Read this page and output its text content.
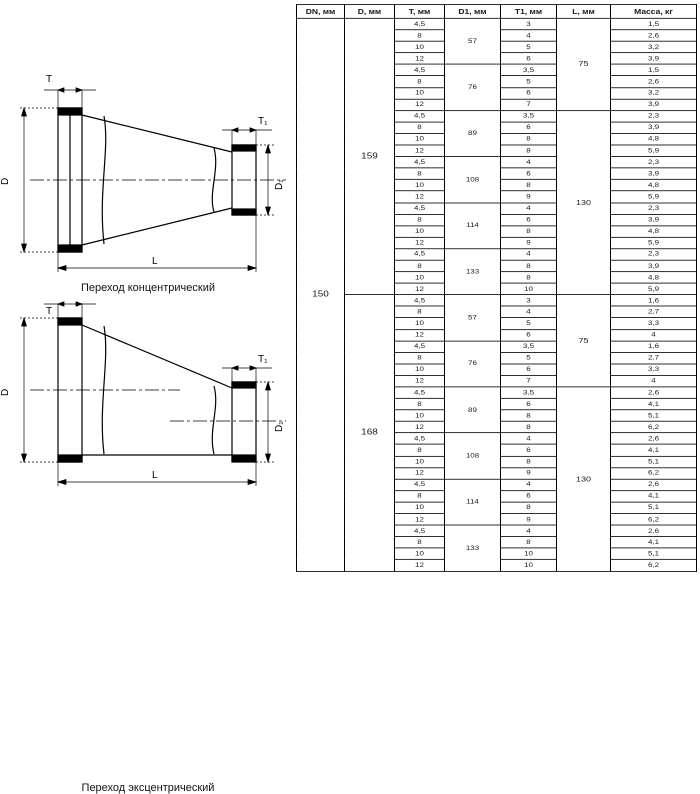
T
T₁
D	D₁
L
Переход концентрический
T
T₁
D
D₁
L
Переход эксцентрический
DN, мм	D, мм	T, мм	D1, мм	T1, мм	L, мм	Масса, кг
150	159	4,5	57	3	75	1,5
		8		4		2,6
		10		5		3,2
		12		6		3,9
		4,5	76	3,5		1,5
		8		5		2,6
		10		6		3,2
		12		7		3,9
		4,5	89	3,5	130	2,3
		8		6		3,9
		10		8		4,8
		12		8		5,9
		4,5	108	4		2,3
		8		6		3,9
		10		8		4,8
		12		9		5,9
		4,5	114	4		2,3
		8		6		3,9
		10		8		4,8
		12		9		5,9
		4,5	133	4		2,3
		8		8		3,9
		10		8		4,8
		12		10		5,9
	168	4,5	57	3	75	1,6
		8		4		2,7
		10		5		3,3
		12		6		4
		4,5	76	3,5		1,6
		8		5		2,7
		10		6		3,3
		12		7		4
		4,5	89	3,5	130	2,6
		8		6		4,1
		10		8		5,1
		12		8		6,2
		4,5	108	4		2,6
		8		6		4,1
		10		8		5,1
		12		9		6,2
		4,5	114	4		2,6
		8		6		4,1
		10		8		5,1
		12		9		6,2
		4,5	133	4		2,6
		8		8		4,1
		10		10		5,1
		12		10		6,2
